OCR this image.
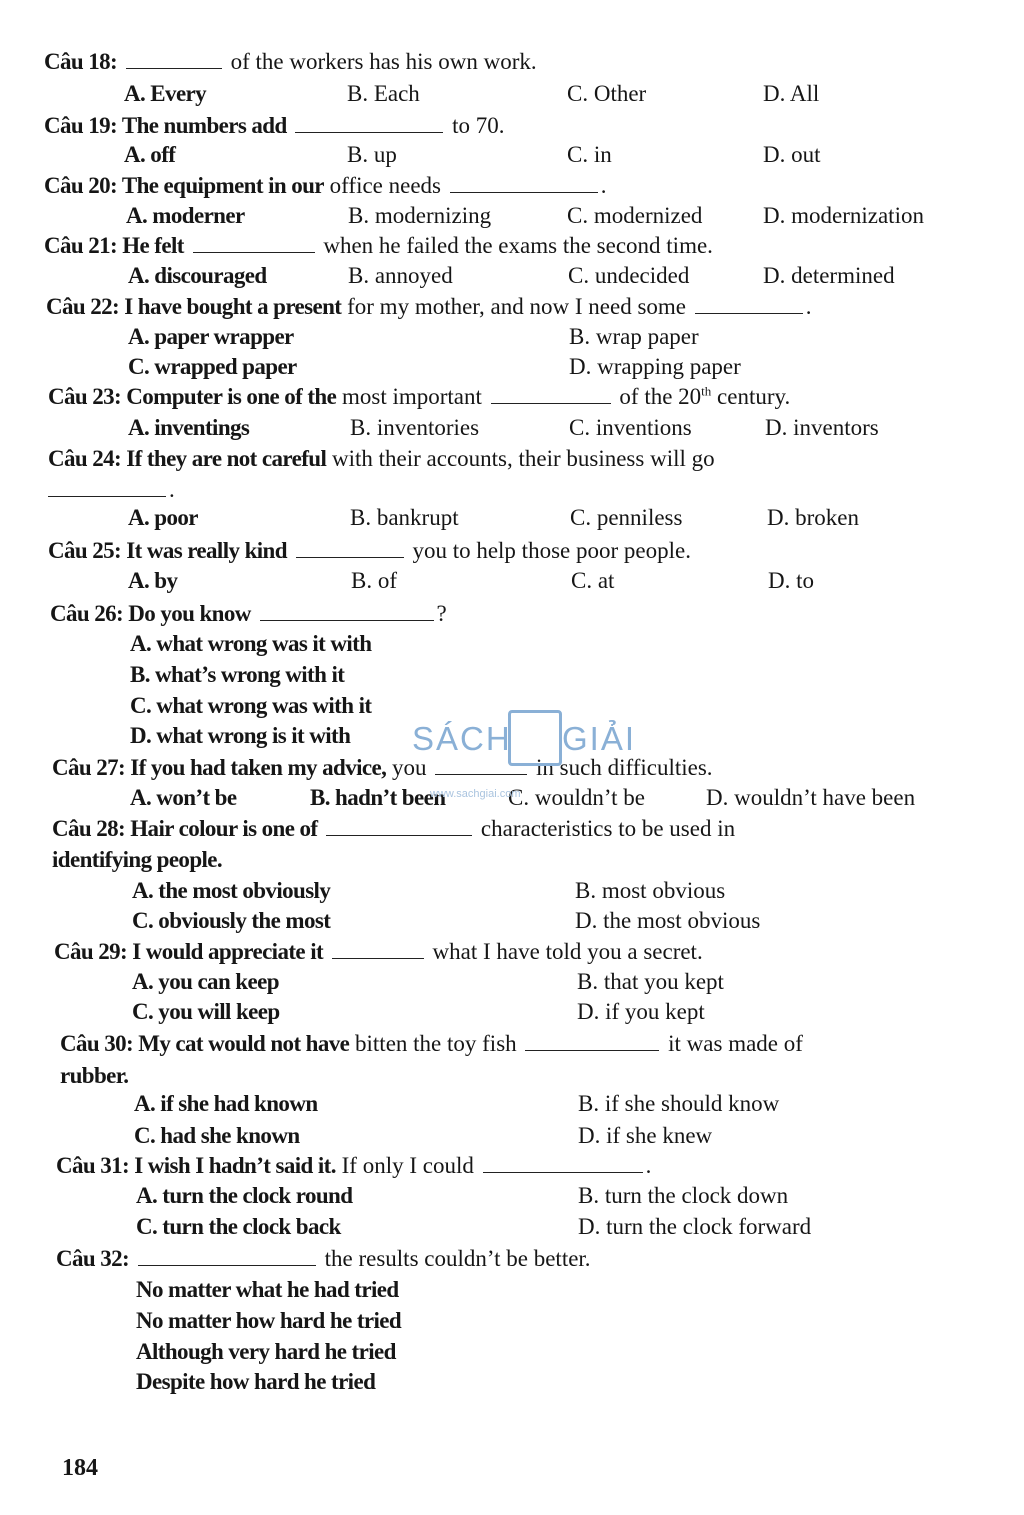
Câu 18:	of the workers has his own work.
A. Every	B. Each	C. Other	D. All
Câu 19: The numbers add	to 70.
A. off	B. up	C. in	D. out
Câu 20: The equipment in our office needs	.
A. moderner	B. modernizing	C. modernized	D. modernization
Câu 21: He felt	when he failed the exams the second time.
A. discouraged	B. annoyed	C. undecided	D. determined
Câu 22: I have bought a present for my mother, and now I need some	.
A. paper wrapper	B. wrap paper
C. wrapped paper	D. wrapping paper
Câu 23: Computer is one of the most important	of the 20th century.
A. inventings	B. inventories	C. inventions	D. inventors
Câu 24: If they are not careful with their accounts, their business will go
.
A. poor	B. bankrupt	C. penniless	D. broken
Câu 25: It was really kind	you to help those poor people.
A. by	B. of	C. at	D. to
Câu 26: Do you know	?
A. what wrong was it with
B. what’s wrong with it
C. what wrong was with it
D. what wrong is it with
Câu 27: If you had taken my advice, you	in such difficulties.
A. won’t be	B. hadn’t been	C. wouldn’t be	D. wouldn’t have been
Câu 28: Hair colour is one of	characteristics to be used in
identifying people.
A. the most obviously	B. most obvious
C. obviously the most	D. the most obvious
Câu 29: I would appreciate it	what I have told you a secret.
A. you can keep	B. that you kept
C. you will keep	D. if you kept
Câu 30: My cat would not have bitten the toy fish	it was made of
rubber.
A. if she had known	B. if she should know
C. had she known	D. if she knew
Câu 31: I wish I hadn’t said it. If only I could	.
A. turn the clock round	B. turn the clock down
C. turn the clock back	D. turn the clock forward
Câu 32:	the results couldn’t be better.
No matter what he had tried
No matter how hard he tried
Although very hard he tried
Despite how hard he tried
SÁCH GIẢI
www.sachgiai.com
184
